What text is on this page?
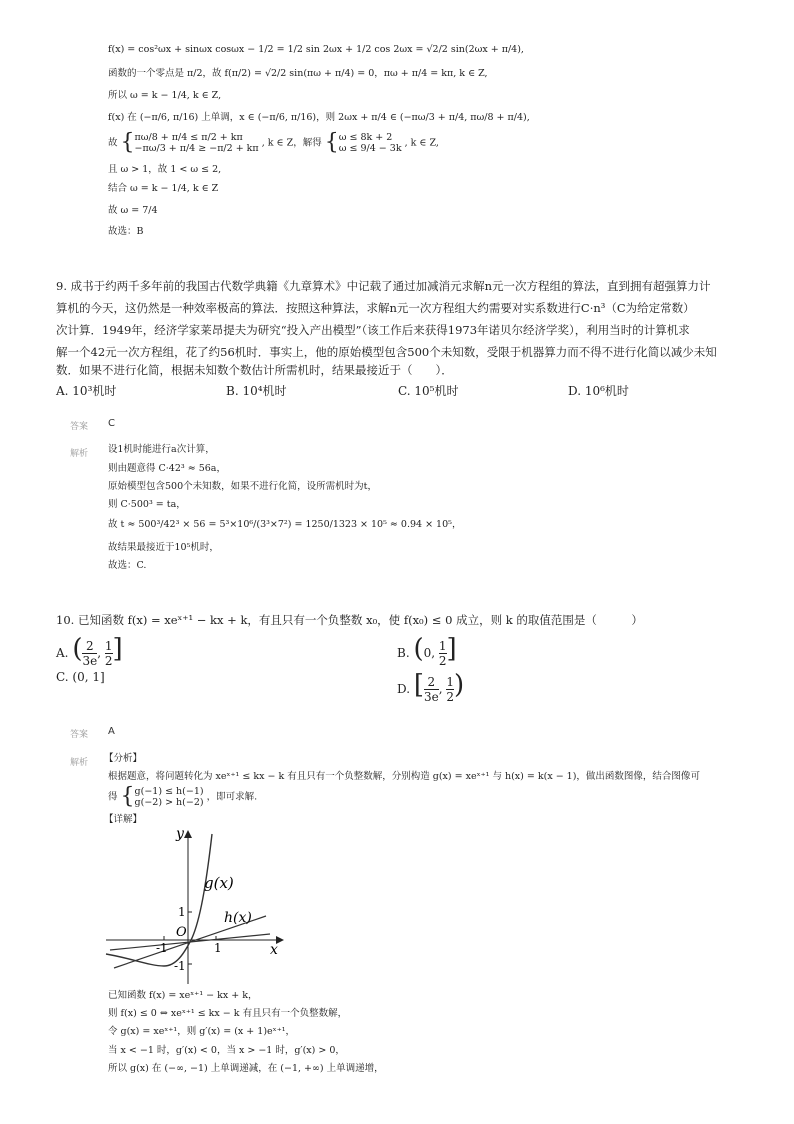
f(x) = cos²ωx + sinωx cosωx − 1/2 = 1/2 sin 2ωx + 1/2 cos 2ωx = √2/2 sin(2ωx + π/4),
函数的一个零点是 π/2，故 f(π/2) = √2/2 sin(πω + π/4) = 0，πω + π/4 = kπ, k ∈ Z,
所以 ω = k − 1/4, k ∈ Z,
f(x) 在 (−π/6, π/16) 上单调，x ∈ (−π/6, π/16)，则 2ωx + π/4 ∈ (−πω/3 + π/4, πω/8 + π/4),
故 {πω/8 + π/4 ≤ π/2 + kπ
−πω/3 + π/4 ≥ −π/2 + kπ , k ∈ Z，解得 {ω ≤ 8k + 2
ω ≤ 9/4 − 3k , k ∈ Z,
且 ω > 1，故 1 < ω ≤ 2,
结合 ω = k − 1/4, k ∈ Z
故 ω = 7/4
故选：B
9. 成书于约两千多年前的我国古代数学典籍《九章算术》中记载了通过加减消元求解n元一次方程组的算法，直到拥有超强算力计
算机的今天，这仍然是一种效率极高的算法．按照这种算法，求解n元一次方程组大约需要对实系数进行C·n³（C为给定常数）
次计算．1949年，经济学家莱昂提夫为研究“投入产出模型”（该工作后来获得1973年诺贝尔经济学奖），利用当时的计算机求
解一个42元一次方程组，花了约56机时．事实上，他的原始模型包含500个未知数，受限于机器算力而不得不进行化简以减少未知
数．如果不进行化简，根据未知数个数估计所需机时，结果最接近于（　　）．
A. 10³机时	B. 10⁴机时	C. 10⁵机时	D. 10⁶机时
答案 C
解析 设1机时能进行a次计算，
则由题意得 C·42³ ≈ 56a，
原始模型包含500个未知数，如果不进行化简，设所需机时为t，
则 C·500³ = ta，
故 t ≈ 500³/42³ × 56 = 5³×10⁶/(3³×7²) = 1250/1323 × 10⁵ ≈ 0.94 × 10⁵，
故结果最接近于10⁵机时，
故选：C.
10. 已知函数 f(x) = xeˣ⁺¹ − kx + k，有且只有一个负整数 x₀，使 f(x₀) ≤ 0 成立，则 k 的取值范围是（　　　）
A. ($\frac{2}{3e}$, $\frac{1}{2}$]	B. (0, $\frac{1}{2}$]
C. (0, 1]
D. [$\frac{2}{3e}$, $\frac{1}{2}$)
答案 A
解析 【分析】
根据题意，将问题转化为 xeˣ⁺¹ ≤ kx − k 有且只有一个负整数解，分别构造 g(x) = xeˣ⁺¹ 与 h(x) = k(x − 1)，做出函数图像，结合图像可
得 {g(−1) ≤ h(−1)
g(−2) > h(−2) ，即可求解.
【详解】
y
x
g(x)
h(x)
O
1
-1
-1	1
已知函数 f(x) = xeˣ⁺¹ − kx + k，
则 f(x) ≤ 0 ⇔ xeˣ⁺¹ ≤ kx − k 有且只有一个负整数解，
令 g(x) = xeˣ⁺¹，则 g′(x) = (x + 1)eˣ⁺¹，
当 x < −1 时，g′(x) < 0，当 x > −1 时，g′(x) > 0，
所以 g(x) 在 (−∞, −1) 上单调递减，在 (−1, +∞) 上单调递增，
